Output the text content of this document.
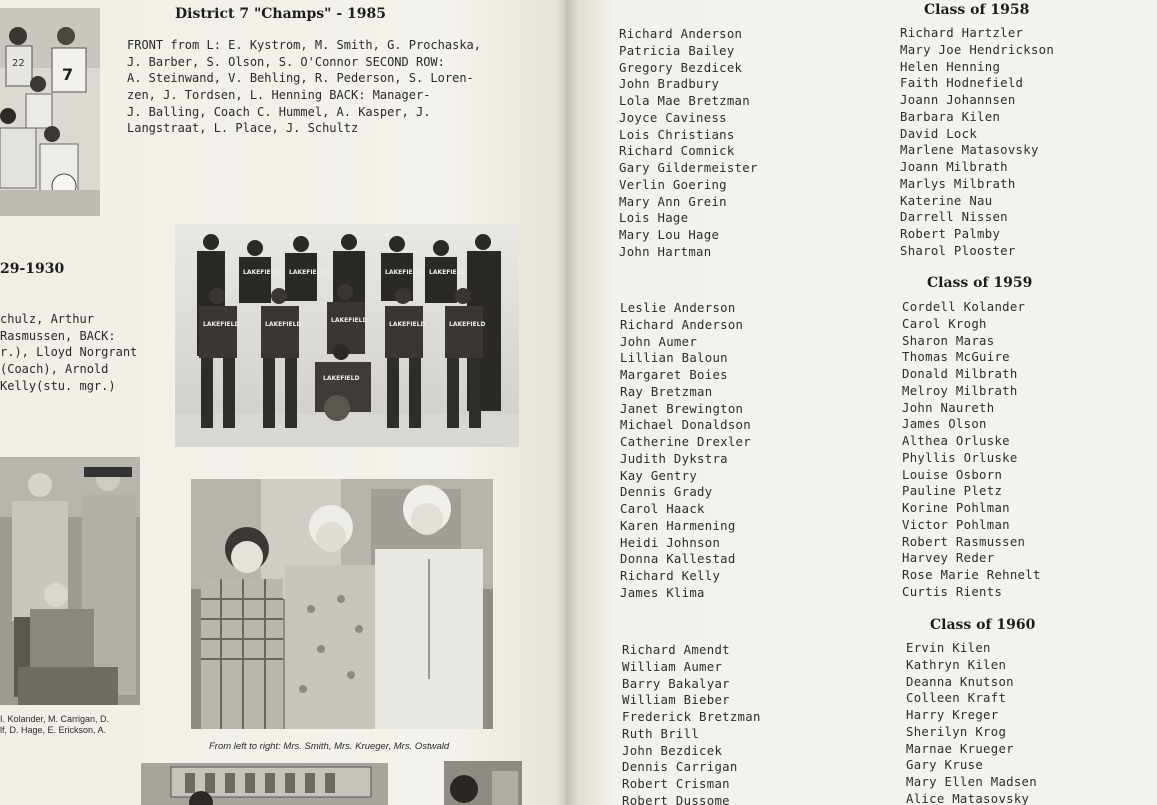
22
7
District 7 "Champs" - 1985
FRONT from L: E. Kystrom, M. Smith, G. Prochaska,
J. Barber, S. Olson, S. O'Connor SECOND ROW:
A. Steinwand, V. Behling, R. Pederson, S. Loren-
zen, J. Tordsen, L. Henning BACK: Manager-
J. Balling, Coach C. Hummel, A. Kasper, J.
Langstraat, L. Place, J. Schultz
29-1930
chulz, Arthur
Rasmussen, BACK:
r.), Lloyd Norgrant
(Coach), Arnold
Kelly(stu. mgr.)
LAKEFIELD LAKEFIELD	LAKEFIELD LAKEFIELD
LAKEFIELD	LAKEFIELD
LAKEFIELD
LAKEFIELD	LAKEFIELD
LAKEFIELD
I. Kolander, M. Carrigan, D.
lf, D. Hage, E. Erickson, A.
From left to right: Mrs. Smith, Mrs. Krueger, Mrs. Ostwald
Richard Anderson
Patricia Bailey
Gregory Bezdicek
John Bradbury
Lola Mae Bretzman
Joyce Caviness
Lois Christians
Richard Comnick
Gary Gildermeister
Verlin Goering
Mary Ann Grein
Lois Hage
Mary Lou Hage
John Hartman
Leslie Anderson
Richard Anderson
John Aumer
Lillian Baloun
Margaret Boies
Ray Bretzman
Janet Brewington
Michael Donaldson
Catherine Drexler
Judith Dykstra
Kay Gentry
Dennis Grady
Carol Haack
Karen Harmening
Heidi Johnson
Donna Kallestad
Richard Kelly
James Klima
Richard Amendt
William Aumer
Barry Bakalyar
William Bieber
Frederick Bretzman
Ruth Brill
John Bezdicek
Dennis Carrigan
Robert Crisman
Robert Dussome
Class of 1958
Richard Hartzler
Mary Joe Hendrickson
Helen Henning
Faith Hodnefield
Joann Johannsen
Barbara Kilen
David Lock
Marlene Matasovsky
Joann Milbrath
Marlys Milbrath
Katerine Nau
Darrell Nissen
Robert Palmby
Sharol Plooster
Class of 1959
Cordell Kolander
Carol Krogh
Sharon Maras
Thomas McGuire
Donald Milbrath
Melroy Milbrath
John Naureth
James Olson
Althea Orluske
Phyllis Orluske
Louise Osborn
Pauline Pletz
Korine Pohlman
Victor Pohlman
Robert Rasmussen
Harvey Reder
Rose Marie Rehnelt
Curtis Rients
Class of 1960
Ervin Kilen
Kathryn Kilen
Deanna Knutson
Colleen Kraft
Harry Kreger
Sherilyn Krog
Marnae Krueger
Gary Kruse
Mary Ellen Madsen
Alice Matasovsky
